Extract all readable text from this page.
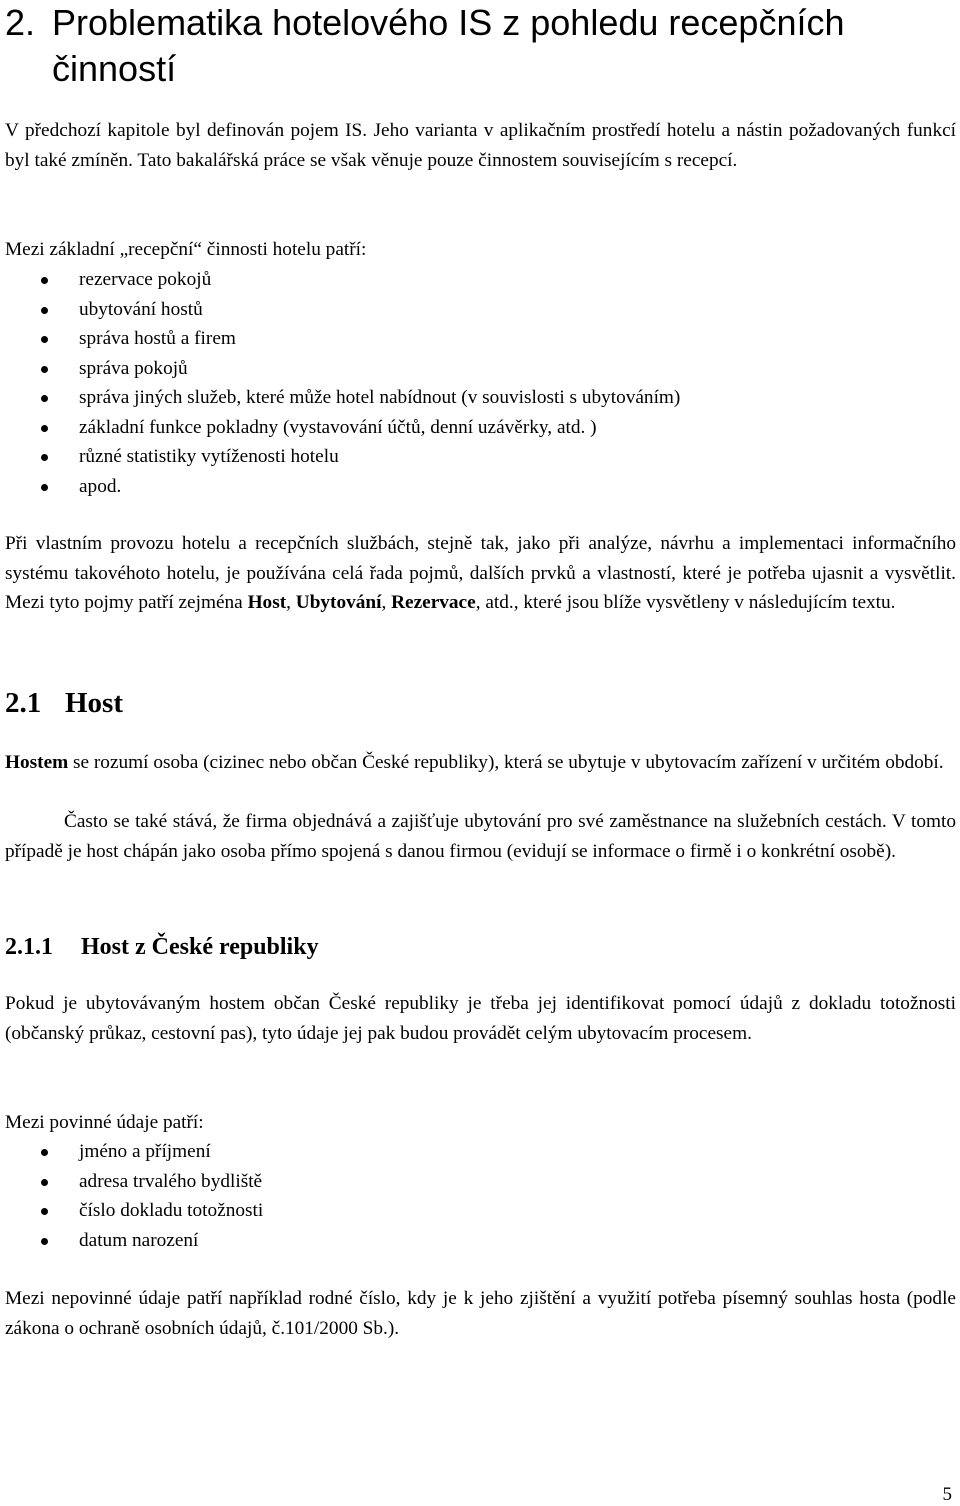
2. Problematika hotelového IS z pohledu recepčních
činností

V předchozí kapitole byl definován pojem IS. Jeho varianta v aplikačním prostředí hotelu a nástin požadovaných funkcí byl také zmíněn. Tato bakalářská práce se však věnuje pouze činnostem souvisejícím s recepcí.

Mezi základní „recepční“ činnosti hotelu patří:

rezervace pokojů
ubytování hostů
správa hostů a firem
správa pokojů
správa jiných služeb, které může hotel nabídnout (v souvislosti s ubytováním)
základní funkce pokladny (vystavování účtů, denní uzávěrky, atd. )
různé statistiky vytíženosti hotelu
apod.

Při vlastním provozu hotelu a recepčních službách, stejně tak, jako při analýze, návrhu a implementaci informačního systému takovéhoto hotelu, je používána celá řada pojmů, dalších prvků a vlastností, které je potřeba ujasnit a vysvětlit. Mezi tyto pojmy patří zejména Host, Ubytování, Rezervace, atd., které jsou blíže vysvětleny v následujícím textu.

2.1 Host

Hostem se rozumí osoba (cizinec nebo občan České republiky), která se ubytuje v ubytovacím zařízení v určitém období.

Často se také stává, že firma objednává a zajišťuje ubytování pro své zaměstnance na služebních cestách. V tomto případě je host chápán jako osoba přímo spojená s danou firmou (evidují se informace o firmě i o konkrétní osobě).

2.1.1 Host z České republiky

Pokud je ubytovávaným hostem občan České republiky je třeba jej identifikovat pomocí údajů z dokladu totožnosti (občanský průkaz, cestovní pas), tyto údaje jej pak budou provádět celým ubytovacím procesem.

Mezi povinné údaje patří:

jméno a příjmení
adresa trvalého bydliště
číslo dokladu totožnosti
datum narození

Mezi nepovinné údaje patří například rodné číslo, kdy je k jeho zjištění a využití potřeba písemný souhlas hosta (podle zákona o ochraně osobních údajů, č.101/2000 Sb.).

5
